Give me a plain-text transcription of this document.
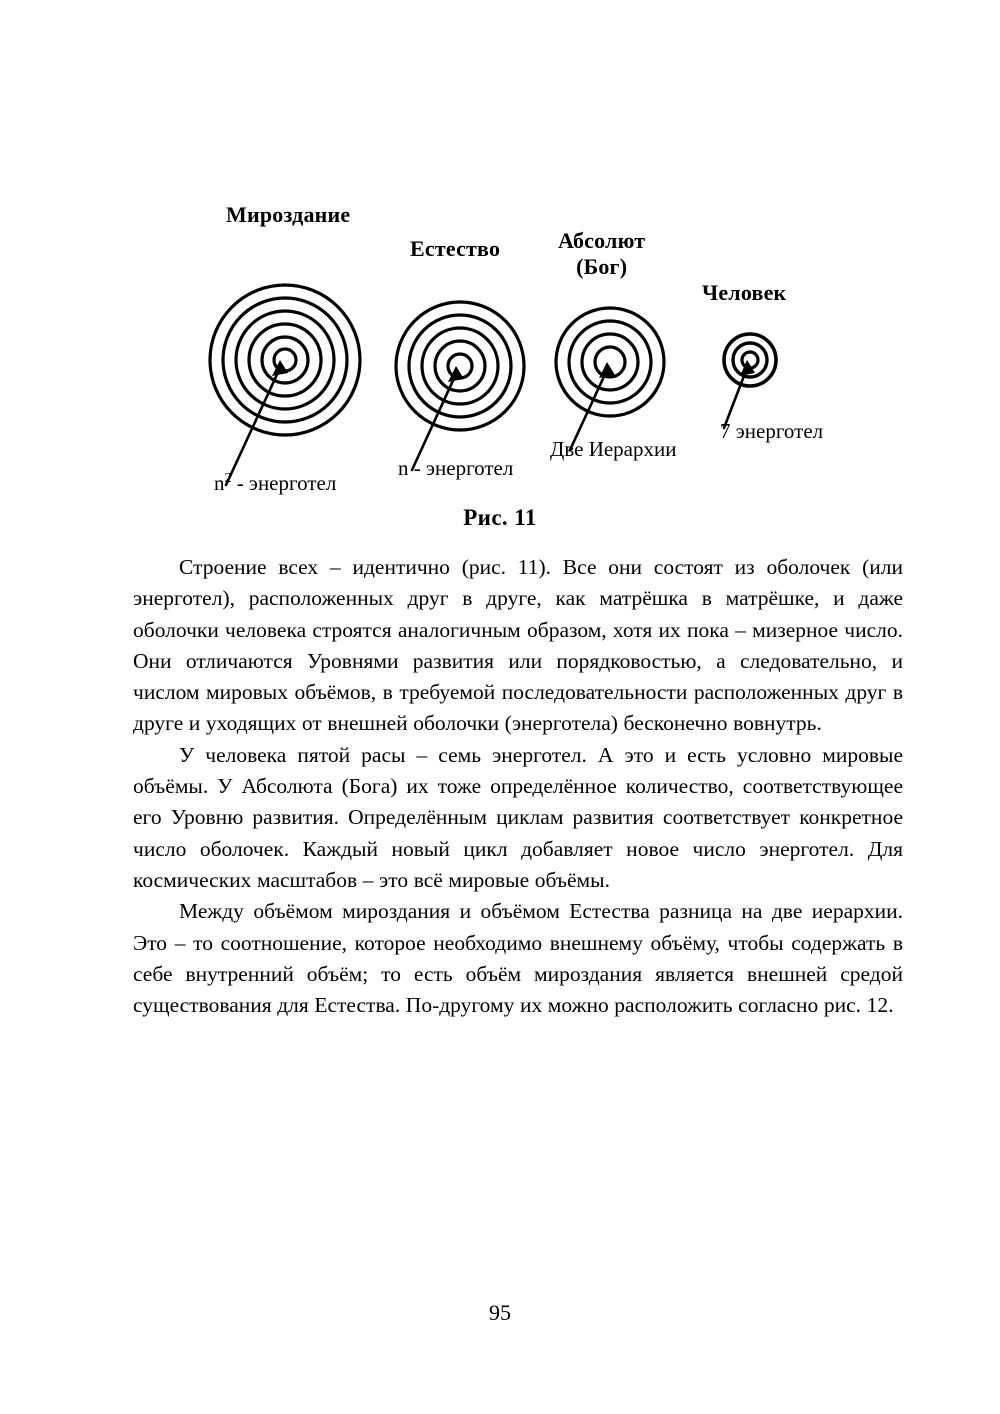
Мироздание
Естество	Абсолют
(Бог)
Человек
$n^2$ - энерготел
n - энерготел
Две Иерархии
7 энерготел
Рис. 11

Строение всех – идентично (рис. 11). Все они состоят из оболочек (или энерготел), расположенных друг в друге, как матрёшка в матрёшке, и даже оболочки человека строятся аналогичным образом, хотя их пока – мизерное число. Они отличаются Уровнями развития или порядковостью, а следовательно, и числом мировых объёмов, в требуемой последовательности расположенных друг в друге и уходящих от внешней оболочки (энерготела) бесконечно вовнутрь.

У человека пятой расы – семь энерготел. А это и есть условно мировые объёмы. У Абсолюта (Бога) их тоже определённое количество, соответствующее его Уровню развития. Определённым циклам развития соответствует конкретное число оболочек. Каждый новый цикл добавляет новое число энерготел. Для космических масштабов – это всё мировые объёмы.

Между объёмом мироздания и объёмом Естества разница на две иерархии. Это – то соотношение, которое необходимо внешнему объёму, чтобы содержать в себе внутренний объём; то есть объём мироздания является внешней средой существования для Естества. По-другому их можно расположить согласно рис. 12.

95
